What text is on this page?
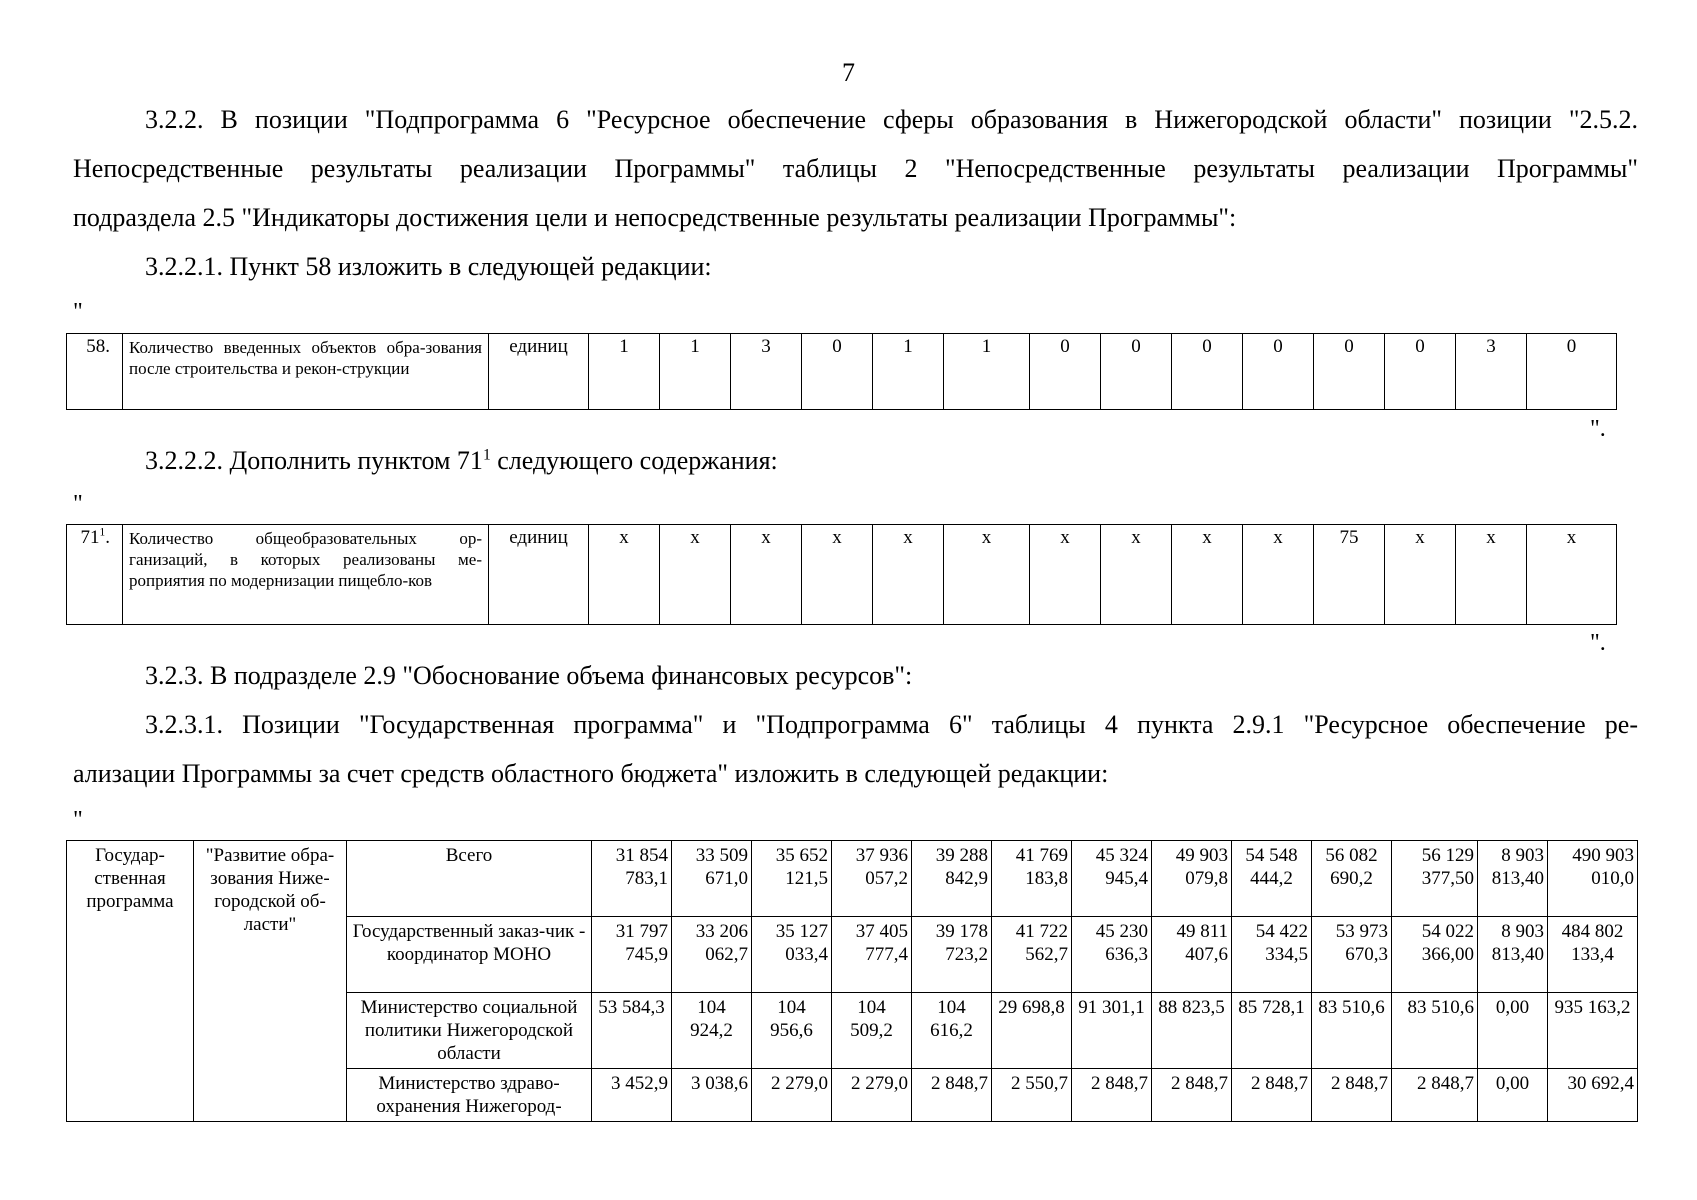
7

3.2.2. В позиции "Подпрограмма 6 "Ресурсное обеспечение сферы образования в Нижегородской области" позиции "2.5.2.

Непосредственные результаты реализации Программы" таблицы 2 "Непосредственные результаты реализации Программы"

подраздела 2.5 "Индикаторы достижения цели и непосредственные результаты реализации Программы":

3.2.2.1. Пункт 58 изложить в следующей редакции:

"
58.	Количество введенных объектов обра-зования после строительства и рекон-струкции	единиц	1	1	3	0	1	1	0	0	0	0	0	0	3	0
".

3.2.2.2. Дополнить пунктом $71^1$ следующего содержания:

"
$71^1$.	Количество общеобразовательных ор-ганизаций, в которых реализованы ме-роприятия по модернизации пищебло-ков	единиц	x	x	x	x	x	x	x	x	x	x	75	x	x	x
".

3.2.3. В подразделе 2.9 "Обоснование объема финансовых ресурсов":

3.2.3.1. Позиции "Государственная программа" и "Подпрограмма 6" таблицы 4 пункта 2.9.1 "Ресурсное обеспечение ре-

ализации Программы за счет средств областного бюджета" изложить в следующей редакции:

"
Государ-ственная программа	"Развитие обра-зования Ниже-городской об-ласти"	Всего	31 854 783,1	33 509 671,0	35 652 121,5	37 936 057,2	39 288 842,9	41 769 183,8	45 324 945,4	49 903 079,8	54 548 444,2	56 082 690,2	56 129 377,50	8 903 813,40	490 903 010,0
		Государственный заказ-чик - координатор МОНО	31 797 745,9	33 206 062,7	35 127 033,4	37 405 777,4	39 178 723,2	41 722 562,7	45 230 636,3	49 811 407,6	54 422 334,5	53 973 670,3	54 022 366,00	8 903 813,40	484 802 133,4
		Министерство социальной политики Нижегородской области	53 584,3	104 924,2	104 956,6	104 509,2	104 616,2	29 698,8	91 301,1	88 823,5	85 728,1	83 510,6	83 510,6	0,00	935 163,2
		Министерство здраво-охранения Нижегород-	3 452,9	3 038,6	2 279,0	2 279,0	2 848,7	2 550,7	2 848,7	2 848,7	2 848,7	2 848,7	2 848,7	0,00	30 692,4
